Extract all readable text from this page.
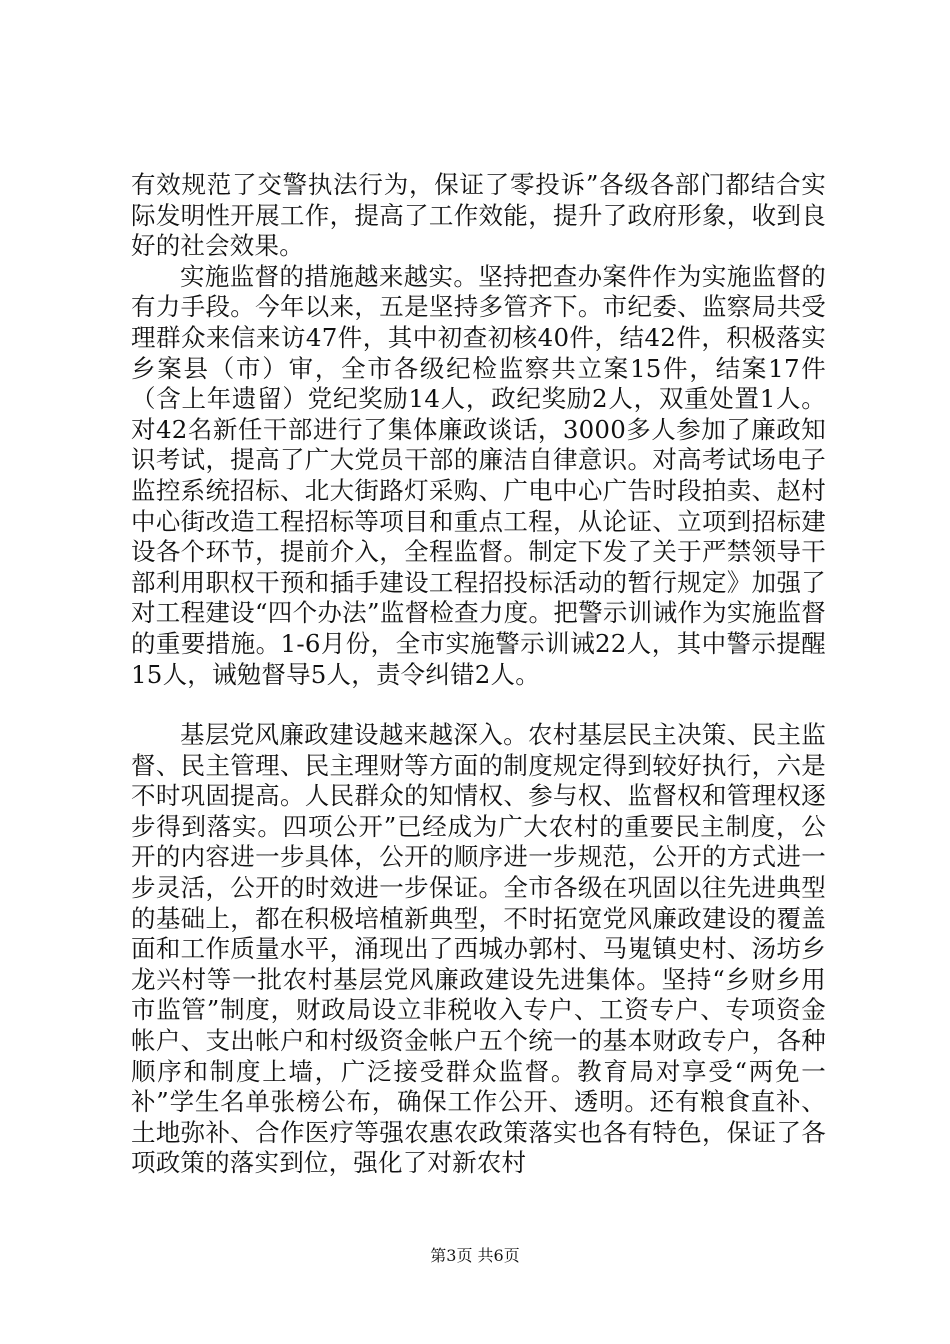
有效规范了交警执法行为，保证了零投诉”各级各部门都结合实际发明性开展工作，提高了工作效能，提升了政府形象，收到良好的社会效果。

实施监督的措施越来越实。坚持把查办案件作为实施监督的有力手段。今年以来，五是坚持多管齐下。市纪委、监察局共受理群众来信来访47件，其中初查初核40件，结42件，积极落实乡案县（市）审，全市各级纪检监察共立案15件，结案17件（含上年遗留）党纪奖励14人，政纪奖励2人，双重处置1人。对42名新任干部进行了集体廉政谈话，3000多人参加了廉政知识考试，提高了广大党员干部的廉洁自律意识。对高考试场电子监控系统招标、北大街路灯采购、广电中心广告时段拍卖、赵村中心街改造工程招标等项目和重点工程，从论证、立项到招标建设各个环节，提前介入，全程监督。制定下发了关于严禁领导干部利用职权干预和插手建设工程招投标活动的暂行规定》加强了对工程建设“四个办法”监督检查力度。把警示训诫作为实施监督的重要措施。1-6月份，全市实施警示训诫22人，其中警示提醒15人，诫勉督导5人，责令纠错2人。

基层党风廉政建设越来越深入。农村基层民主决策、民主监督、民主管理、民主理财等方面的制度规定得到较好执行，六是不时巩固提高。人民群众的知情权、参与权、监督权和管理权逐步得到落实。四项公开”已经成为广大农村的重要民主制度，公开的内容进一步具体，公开的顺序进一步规范，公开的方式进一步灵活，公开的时效进一步保证。全市各级在巩固以往先进典型的基础上，都在积极培植新典型，不时拓宽党风廉政建设的覆盖面和工作质量水平，涌现出了西城办郭村、马嵬镇史村、汤坊乡龙兴村等一批农村基层党风廉政建设先进集体。坚持“乡财乡用市监管”制度，财政局设立非税收入专户、工资专户、专项资金帐户、支出帐户和村级资金帐户五个统一的基本财政专户，各种顺序和制度上墙，广泛接受群众监督。教育局对享受“两免一补”学生名单张榜公布，确保工作公开、透明。还有粮食直补、土地弥补、合作医疗等强农惠农政策落实也各有特色，保证了各项政策的落实到位，强化了对新农村

第3页 共6页
